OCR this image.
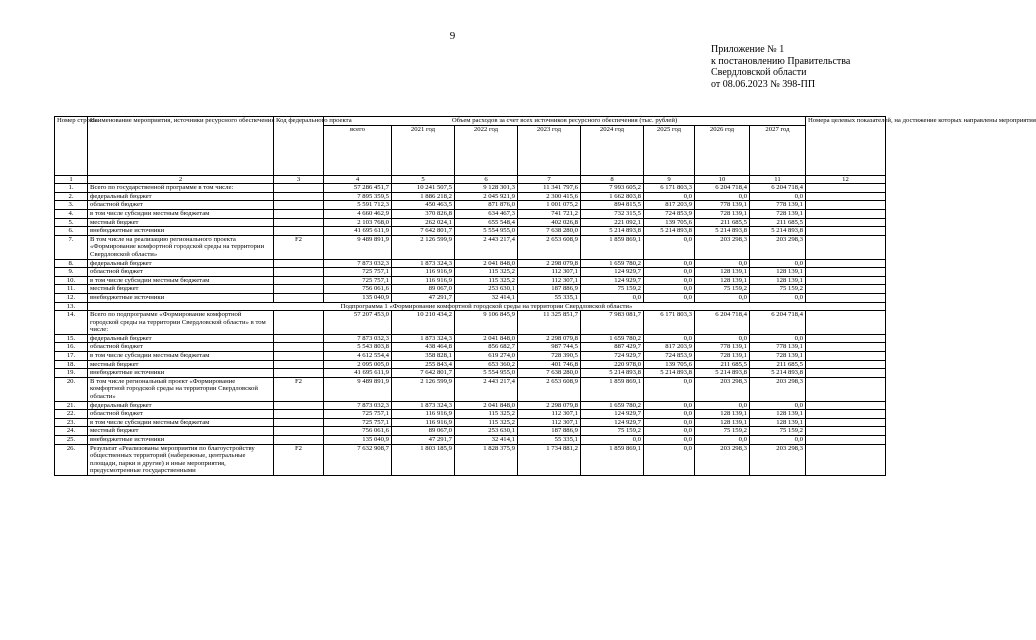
9
Приложение № 1
к постановлению Правительства
Свердловской области
от 08.06.2023 № 398-ПП
Номер строки	Наименование мероприятия, источники ресурсного обеспечения	Код федерального проекта	Объем расходов за счет всех источников ресурсного обеспечения (тыс. рублей)								Номера целевых показателей, на достижение которых направлены мероприятия
			всего	2021 год	2022 год	2023 год	2024 год	2025 год	2026 год	2027 год	
1	2	3	4	5	6	7	8	9	10	11	12
1.	Всего по государственной программе в том числе:		57 286 451,7	10 241 507,5	9 128 301,3	11 341 797,6	7 993 605,2	6 171 803,3	6 204 718,4	6 204 718,4	
2.	федеральный бюджет		7 895 359,5	1 886 218,2	2 045 921,9	2 300 415,6	1 662 803,8	0,0	0,0	0,0	
3.	областной бюджет		5 591 712,3	450 463,5	871 876,0	1 001 075,2	894 815,5	817 203,9	778 139,1	778 139,1	
4.	в том числе субсидии местным бюджетам		4 660 462,9	370 826,8	634 467,3	741 721,2	732 315,5	724 853,9	728 139,1	728 139,1	
5.	местный бюджет		2 103 768,0	262 024,1	655 548,4	402 026,8	221 092,1	139 705,6	211 685,5	211 685,5	
6.	внебюджетные источники		41 695 611,9	7 642 801,7	5 554 955,0	7 638 280,0	5 214 893,8	5 214 893,8	5 214 893,8	5 214 893,8	
7.	В том числе на реализацию регионального проекта «Формирование комфортной городской среды на территории Свердловской области»	F2	9 489 891,9	2 126 599,9	2 443 217,4	2 653 608,9	1 859 869,1	0,0	203 298,3	203 298,3	
8.	федеральный бюджет		7 873 032,3	1 873 324,3	2 041 848,0	2 298 079,8	1 659 780,2	0,0	0,0	0,0	
9.	областной бюджет		725 757,1	116 916,9	115 325,2	112 307,1	124 929,7	0,0	128 139,1	128 139,1	
10.	в том числе субсидии местным бюджетам		725 757,1	116 916,9	115 325,2	112 307,1	124 929,7	0,0	128 139,1	128 139,1	
11.	местный бюджет		756 061,6	89 067,0	253 630,1	187 886,9	75 159,2	0,0	75 159,2	75 159,2	
12.	внебюджетные источники		135 040,9	47 291,7	32 414,1	55 335,1	0,0	0,0	0,0	0,0	
13.	Подпрограмма 1 «Формирование комфортной городской среды на территории Свердловской области»										
14.	Всего по подпрограмме «Формирование комфортной городской среды на территории Свердловской области» в том числе:		57 207 453,0	10 210 434,2	9 106 845,9	11 325 851,7	7 983 081,7	6 171 803,3	6 204 718,4	6 204 718,4	
15.	федеральный бюджет		7 873 032,3	1 873 324,3	2 041 848,0	2 298 079,8	1 659 780,2	0,0	0,0	0,0	
16.	областной бюджет		5 543 803,8	438 464,8	856 682,7	987 744,5	887 429,7	817 203,9	778 139,1	778 139,1	
17.	в том числе субсидии местным бюджетам		4 612 554,4	358 828,1	619 274,0	728 390,5	724 929,7	724 853,9	728 139,1	728 139,1	
18.	местный бюджет		2 095 005,0	255 843,4	653 360,2	401 746,8	220 978,0	139 705,6	211 685,5	211 685,5	
19.	внебюджетные источники		41 695 611,9	7 642 801,7	5 554 955,0	7 638 280,0	5 214 893,8	5 214 893,8	5 214 893,8	5 214 893,8	
20.	В том числе региональный проект «Формирование комфортной городской среды на территории Свердловской области»	F2	9 489 891,9	2 126 599,9	2 443 217,4	2 653 608,9	1 859 869,1	0,0	203 298,3	203 298,3	
21.	федеральный бюджет		7 873 032,3	1 873 324,3	2 041 848,0	2 298 079,8	1 659 780,2	0,0	0,0	0,0	
22.	областной бюджет		725 757,1	116 916,9	115 325,2	112 307,1	124 929,7	0,0	128 139,1	128 139,1	
23.	в том числе субсидии местным бюджетам		725 757,1	116 916,9	115 325,2	112 307,1	124 929,7	0,0	128 139,1	128 139,1	
24.	местный бюджет		756 061,6	89 067,0	253 630,1	187 886,9	75 159,2	0,0	75 159,2	75 159,2	
25.	внебюджетные источники		135 040,9	47 291,7	32 414,1	55 335,1	0,0	0,0	0,0	0,0	
26.	Результат «Реализованы мероприятия по благоустройству общественных территорий (набережные, центральные площади, парки и другие) и иные мероприятия, предусмотренные государственными	F2	7 632 908,7	1 803 185,9	1 828 375,9	1 734 881,2	1 859 869,1	0,0	203 298,3	203 298,3	
